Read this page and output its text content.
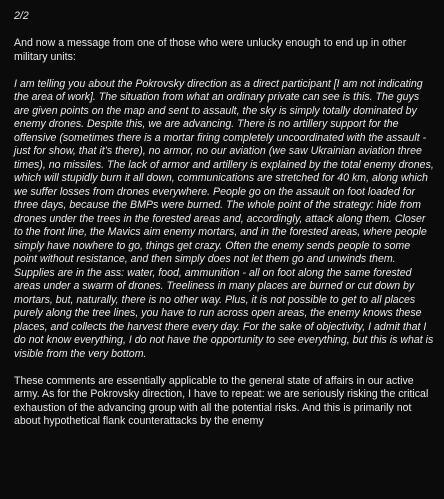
2/2

And now a message from one of those who were unlucky enough to end up in other military units:

I am telling you about the Pokrovsky direction as a direct participant [I am not indicating the area of work]. The situation from what an ordinary private can see is this. The guys are given points on the map and sent to assault, the sky is simply totally dominated by enemy drones. Despite this, we are advancing. There is no artillery support for the offensive (sometimes there is a mortar firing completely uncoordinated with the assault - just for show, that it’s there), no armor, no our aviation (we saw Ukrainian aviation three times), no missiles. The lack of armor and artillery is explained by the total enemy drones, which will stupidly burn it all down, communications are stretched for 40 km, along which we suffer losses from drones everywhere. People go on the assault on foot loaded for three days, because the BMPs were burned. The whole point of the strategy: hide from drones under the trees in the forested areas and, accordingly, attack along them. Closer to the front line, the Mavics aim enemy mortars, and in the forested areas, where people simply have nowhere to go, things get crazy. Often the enemy sends people to some point without resistance, and then simply does not let them go and unwinds them. Supplies are in the ass: water, food, ammunition - all on foot along the same forested areas under a swarm of drones. Treeliness in many places are burned or cut down by mortars, but, naturally, there is no other way. Plus, it is not possible to get to all places purely along the tree lines, you have to run across open areas, the enemy knows these places, and collects the harvest there every day. For the sake of objectivity, I admit that I do not know everything, I do not have the opportunity to see everything, but this is what is visible from the very bottom.

These comments are essentially applicable to the general state of affairs in our active army. As for the Pokrovsky direction, I have to repeat: we are seriously risking the critical exhaustion of the advancing group with all the potential risks. And this is primarily not about hypothetical flank counterattacks by the enemy
